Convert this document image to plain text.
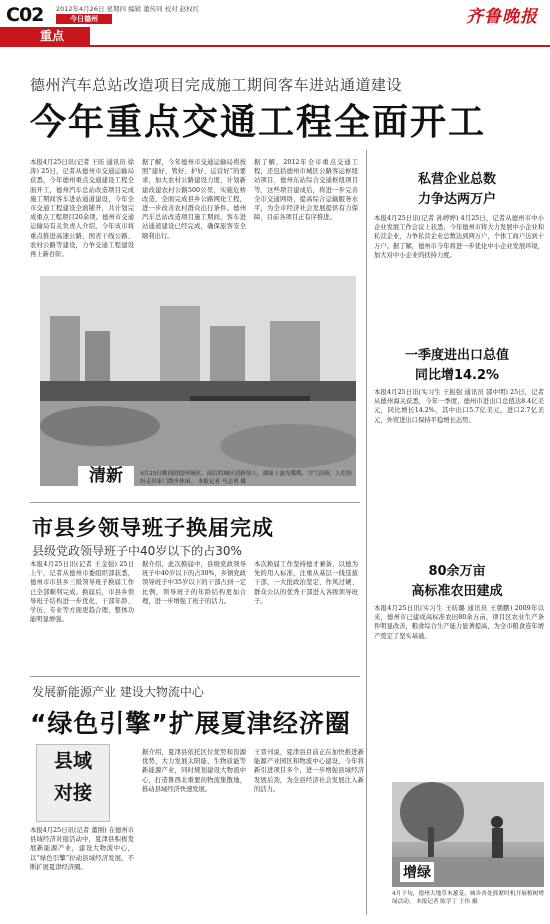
C02 2012年4月26日 星期四 编辑 董传同 校对 赵权红
今日德州
重点
齐鲁晚报
德州汽车总站改造项目完成施工期间客车进站通道建设
今年重点交通工程全面开工
本报4月25日讯(记者 王昉 通讯员 徐涛) 25日，记者从德州市交通运输局获悉，今年德州重点交通建设工程全面开工，德州汽车总站改造项目完成施工期间客车进站通道建设，今年全市交通工程建设全面铺开，共计划完成重点工程项目20余项。德州市交通运输局有关负责人介绍，今年该市将重点推进高速公路、国省干线公路、农村公路等建设，力争交通工程建设再上新台阶。
据了解，今年德州市交通运输局将按照“建好、管好、护好、运营好”的要求，加大农村公路建设力度，计划新建改建农村公路500公里，实施危桥改造，全面完成县乡公路网化工程，进一步改善农村群众出行条件。德州汽车总站改造项目施工期间，客车进站通道建设已经完成，确保旅客安全顺利出行。
据了解，2012年全市重点交通工程，还包括德州市城区公路客运枢纽站项目、德州东站综合交通枢纽项目等，这些项目建成后，将进一步完善全市交通网络，提高综合运输服务水平，为全市经济社会发展提供有力保障，目前各项目正有序推进。
清新	4月25日晚间的德州城区，雨后的城区清新怡人，湖面上波光粼粼，空气清新，人们纷纷走出家门散步休闲。 本报记者 马志勇 摄
市县乡领导班子换届完成
县级党政领导班子中40岁以下的占30%
本报4月25日讯(记者 王金强) 25日上午，记者从德州市委组织部获悉，德州市市县乡三级领导班子换届工作已全部顺利完成。换届后，市县乡领导班子结构进一步优化，干部年龄、学历、专业等方面更趋合理，整体功能明显增强。
据介绍，此次换届中，县级党政领导班子中40岁以下的占30%，乡镇党政领导班子中35岁以下的干部占到一定比例，领导班子的年龄结构更加合理，进一步增强了班子的活力。
本次换届工作坚持德才兼备、以德为先的用人标准，注重从基层一线选拔干部，一大批政治坚定、作风过硬、群众公认的优秀干部进入各级领导班子。
发展新能源产业 建设大物流中心
“绿色引擎”扩展夏津经济圈
县域
对接
本报4月25日讯(记者 董刚) 在德州市县域经济对接活动中，夏津县积极发展新能源产业，建设大物流中心，以“绿色引擎”拉动县域经济发展，不断扩展夏津经济圈。
据介绍，夏津县依托区位优势和资源优势，大力发展太阳能、生物质能等新能源产业，同时规划建设大物流中心，打造鲁西北重要的物流集散地，推动县域经济快速发展。
王晋刊说，夏津县目前正在加快推进新能源产业园区和物流中心建设，今年将新引进项目多个，进一步增强县域经济发展后劲，为全县经济社会发展注入新的活力。
私营企业总数
力争达两万户
本报4月25日讯(记者 孙婷婷) 4月25日，记者从德州市中小企业发展工作会议上获悉，今年德州市将大力发展中小企业和私营企业，力争私营企业总数达到两万户，个体工商户达到十万户。据了解，德州市今年将进一步优化中小企业发展环境，加大对中小企业的扶持力度。
一季度进出口总值
同比增14.2%
本报4月25日讯(实习生 王振强 通讯员 邵中明) 25日，记者从德州海关获悉，今年一季度，德州市进出口总值达8.4亿美元，同比增长14.2%，其中出口5.7亿美元，进口2.7亿美元，外贸进出口保持平稳增长态势。
80余万亩
高标准农田建成
本报4月25日讯(实习生 王昉璐 通讯员 王朝鹏) 2009年以来，德州市已建成高标准农田80余万亩，项目区农业生产条件明显改善，粮食综合生产能力显著提高，为全市粮食连年增产奠定了坚实基础。
增绿
4月下旬，德州大地草木葱茏，城乡各处抓紧时机开展植树增绿活动。 本报记者 陈学丁 王伟 摄
